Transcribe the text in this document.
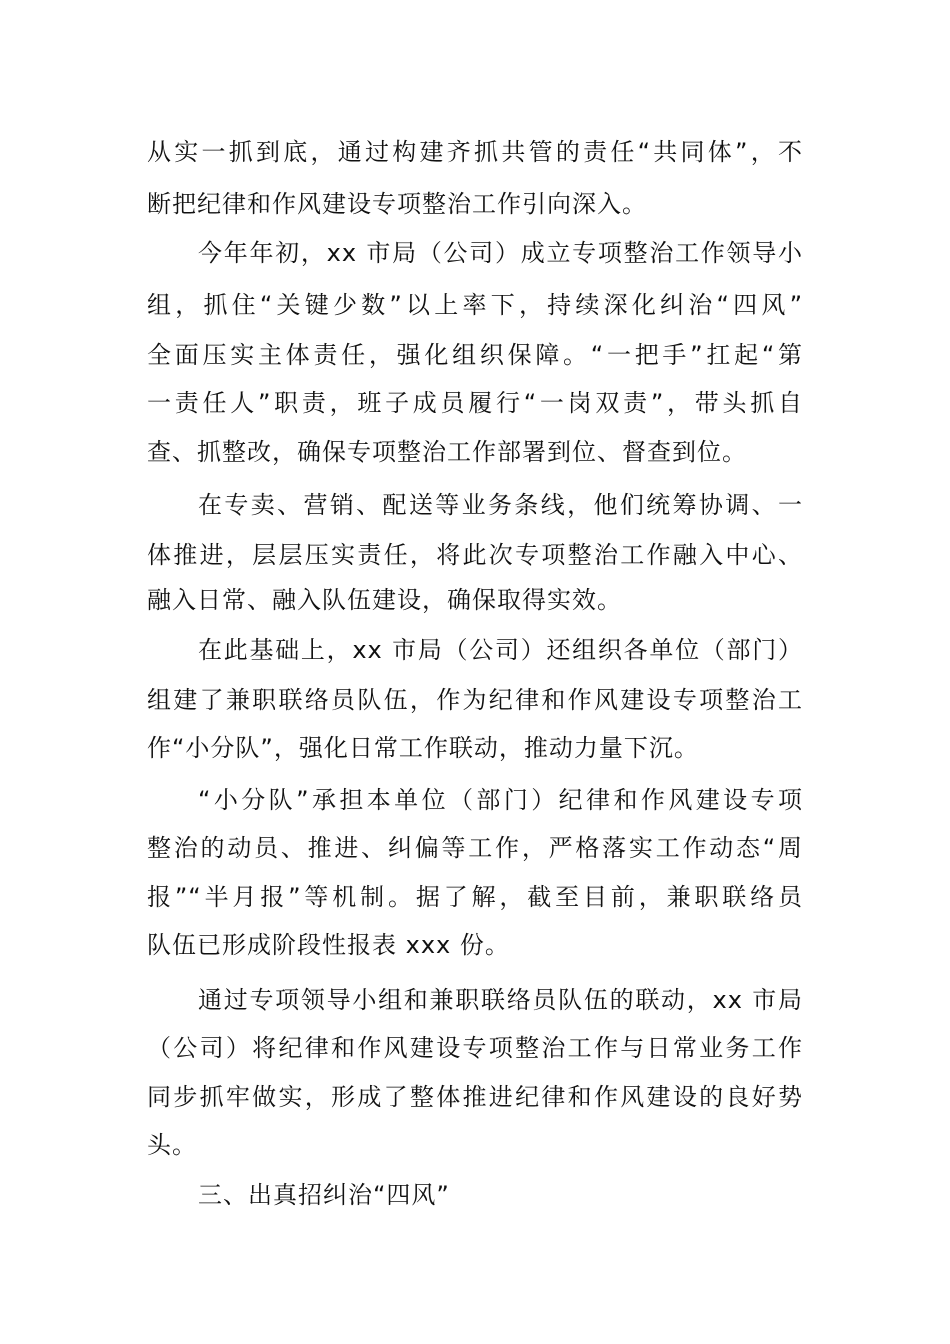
从实一抓到底，通过构建齐抓共管的责任“共同体”，不
断把纪律和作风建设专项整治工作引向深入。
今年年初，xx 市局（公司）成立专项整治工作领导小
组，抓住“关键少数”以上率下，持续深化纠治“四风”
全面压实主体责任，强化组织保障。“一把手”扛起“第
一责任人”职责，班子成员履行“一岗双责”，带头抓自
查、抓整改，确保专项整治工作部署到位、督查到位。
在专卖、营销、配送等业务条线，他们统筹协调、一
体推进，层层压实责任，将此次专项整治工作融入中心、
融入日常、融入队伍建设，确保取得实效。
在此基础上，xx 市局（公司）还组织各单位（部门）
组建了兼职联络员队伍，作为纪律和作风建设专项整治工
作“小分队”，强化日常工作联动，推动力量下沉。
“小分队”承担本单位（部门）纪律和作风建设专项
整治的动员、推进、纠偏等工作，严格落实工作动态“周
报”“半月报”等机制。据了解，截至目前，兼职联络员
队伍已形成阶段性报表 xxx 份。
通过专项领导小组和兼职联络员队伍的联动，xx 市局
（公司）将纪律和作风建设专项整治工作与日常业务工作
同步抓牢做实，形成了整体推进纪律和作风建设的良好势
头。
三、出真招纠治“四风”
